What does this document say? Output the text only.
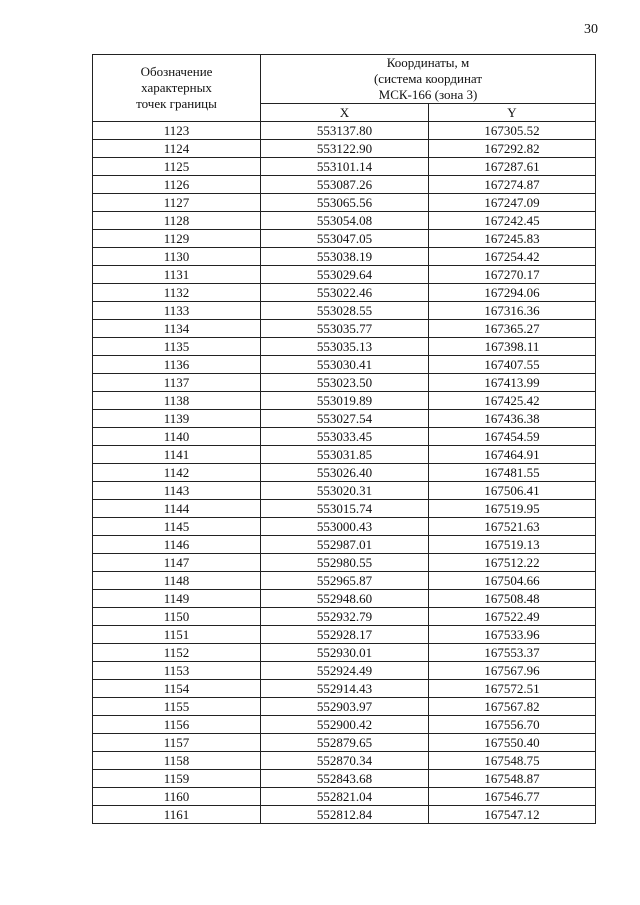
30
Обозначение
характерных
точек границы	Координаты, м
(система координат
МСК-166 (зона 3)	

	X	Y
1123	553137.80	167305.52
1124	553122.90	167292.82
1125	553101.14	167287.61
1126	553087.26	167274.87
1127	553065.56	167247.09
1128	553054.08	167242.45
1129	553047.05	167245.83
1130	553038.19	167254.42
1131	553029.64	167270.17
1132	553022.46	167294.06
1133	553028.55	167316.36
1134	553035.77	167365.27
1135	553035.13	167398.11
1136	553030.41	167407.55
1137	553023.50	167413.99
1138	553019.89	167425.42
1139	553027.54	167436.38
1140	553033.45	167454.59
1141	553031.85	167464.91
1142	553026.40	167481.55
1143	553020.31	167506.41
1144	553015.74	167519.95
1145	553000.43	167521.63
1146	552987.01	167519.13
1147	552980.55	167512.22
1148	552965.87	167504.66
1149	552948.60	167508.48
1150	552932.79	167522.49
1151	552928.17	167533.96
1152	552930.01	167553.37
1153	552924.49	167567.96
1154	552914.43	167572.51
1155	552903.97	167567.82
1156	552900.42	167556.70
1157	552879.65	167550.40
1158	552870.34	167548.75
1159	552843.68	167548.87
1160	552821.04	167546.77
1161	552812.84	167547.12
